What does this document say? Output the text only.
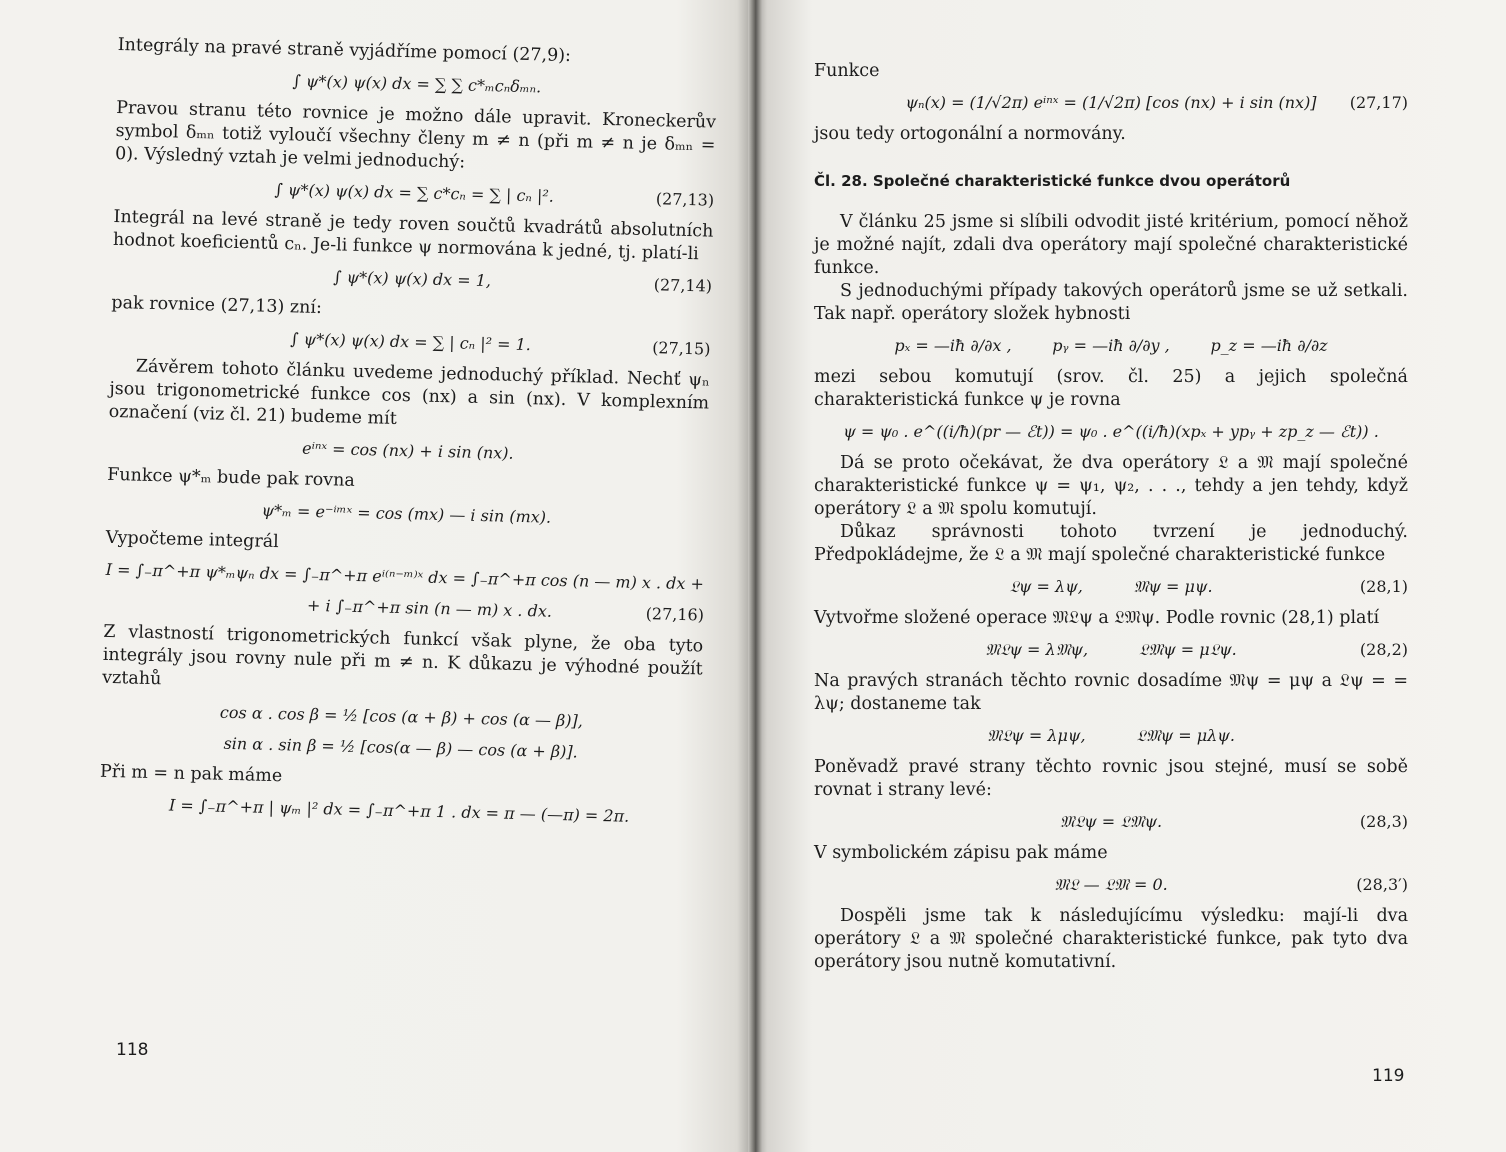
Integrály na pravé straně vyjádříme pomocí (27,9):

∫ ψ*(x) ψ(x) dx = ∑ ∑ c*ₘcₙδₘₙ.

Pravou stranu této rovnice je možno dále upravit. Kroneckerův symbol δₘₙ totiž vyloučí všechny členy m ≠ n (při m ≠ n je δₘₙ = 0). Výsledný vztah je velmi jednoduchý:

∫ ψ*(x) ψ(x) dx = ∑ c*cₙ = ∑ | cₙ |².	(27,13)

Integrál na levé straně je tedy roven součtů kvadrátů absolutních hodnot koeficientů cₙ. Je-li funkce ψ normována k jedné, tj. platí-li

∫ ψ*(x) ψ(x) dx = 1,	(27,14)

pak rovnice (27,13) zní:

∫ ψ*(x) ψ(x) dx = ∑ | cₙ |² = 1.	(27,15)

Závěrem tohoto článku uvedeme jednoduchý příklad. Nechť ψₙ jsou trigonometrické funkce cos (nx) a sin (nx). V komplexním označení (viz čl. 21) budeme mít

eⁱⁿˣ = cos (nx) + i sin (nx).

Funkce ψ*ₘ bude pak rovna

ψ*ₘ = e⁻ⁱᵐˣ = cos (mx) — i sin (mx).

Vypočteme integrál

I = ∫₋π^+π ψ*ₘψₙ dx = ∫₋π^+π eⁱ⁽ⁿ⁻ᵐ⁾ˣ dx = ∫₋π^+π cos (n — m) x . dx +
+ i ∫₋π^+π sin (n — m) x . dx.	(27,16)

Z vlastností trigonometrických funkcí však plyne, že oba tyto integrály jsou rovny nule při m ≠ n. K důkazu je výhodné použít vztahů

cos α . cos β = ½ [cos (α + β) + cos (α — β)],
sin α . sin β = ½ [cos(α — β) — cos (α + β)].

Při m = n pak máme

I = ∫₋π^+π | ψₘ |² dx = ∫₋π^+π 1 . dx = π — (—π) = 2π.
118

Funkce

ψₙ(x) = (1/√2π) eⁱⁿˣ = (1/√2π) [cos (nx) + i sin (nx)] (27,17)

jsou tedy ortogonální a normovány.

Čl. 28. Společné charakteristické funkce dvou operátorů

V článku 25 jsme si slíbili odvodit jisté kritérium, pomocí něhož je možné najít, zdali dva operátory mají společné charakteristické funkce.

S jednoduchými případy takových operátorů jsme se už setkali. Tak např. operátory složek hybnosti

pₓ = —iħ ∂/∂x ,        pᵧ = —iħ ∂/∂y ,        p_z = —iħ ∂/∂z

mezi sebou komutují (srov. čl. 25) a jejich společná charakteristická funkce ψ je rovna

ψ = ψ₀ . e^((i/ħ)(pr — ℰt)) = ψ₀ . e^((i/ħ)(xpₓ + ypᵧ + zp_z — ℰt)) .

Dá se proto očekávat, že dva operátory 𝔏 a 𝔐 mají společné charakteristické funkce ψ = ψ₁, ψ₂, . . ., tehdy a jen tehdy, když operátory 𝔏 a 𝔐 spolu komutují.

Důkaz správnosti tohoto tvrzení je jednoduchý. Předpokládejme, že 𝔏 a 𝔐 mají společné charakteristické funkce

𝔏ψ = λψ,          𝔐ψ = μψ.	(28,1)

Vytvořme složené operace 𝔐𝔏ψ a 𝔏𝔐ψ. Podle rovnic (28,1) platí

𝔐𝔏ψ = λ𝔐ψ,          𝔏𝔐ψ = μ𝔏ψ.	(28,2)

Na pravých stranách těchto rovnic dosadíme 𝔐ψ = μψ a 𝔏ψ = = λψ; dostaneme tak

𝔐𝔏ψ = λμψ,          𝔏𝔐ψ = μλψ.

Poněvadž pravé strany těchto rovnic jsou stejné, musí se sobě rovnat i strany levé:

𝔐𝔏ψ = 𝔏𝔐ψ.	(28,3)

V symbolickém zápisu pak máme

𝔐𝔏 — 𝔏𝔐 = 0.	(28,3′)

Dospěli jsme tak k následujícímu výsledku: mají-li dva operátory 𝔏 a 𝔐 společné charakteristické funkce, pak tyto dva operátory jsou nutně komutativní.

119
